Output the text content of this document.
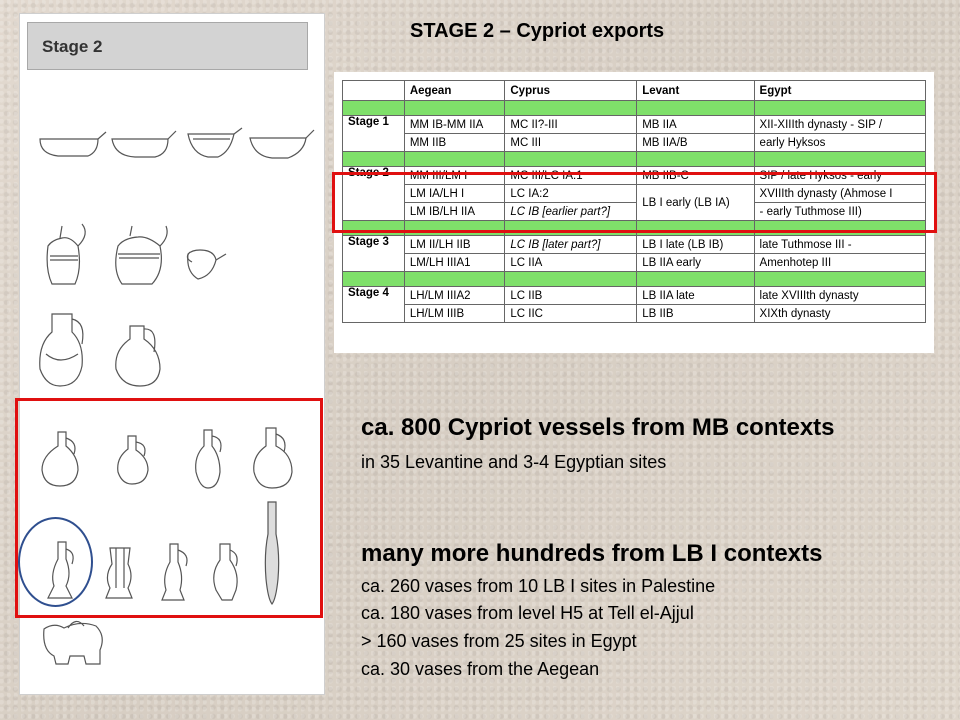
STAGE 2 – Cypriot exports
Stage 2
	Aegean	Cyprus	Levant	Egypt

Stage 1	MM IB-MM IIA	MC II?-III	MB IIA	XII-XIIIth dynasty - SIP /
	MM IIB	MC III	MB IIA/B	early Hyksos

Stage 2	MM III/LM I	MC III/LC IA:1	MB IIB-C	SIP / late Hyksos - early
	LM IA/LH I	LC IA:2	LB I early (LB IA)	XVIIIth dynasty (Ahmose I
	LM IB/LH IIA	LC IB [earlier part?]		- early Tuthmose III)

Stage 3	LM II/LH IIB	LC IB [later part?]	LB I late (LB IB)	late Tuthmose III -
	LM/LH IIIA1	LC IIA	LB IIA early	Amenhotep III

Stage 4	LH/LM IIIA2	LC IIB	LB IIA late	late XVIIIth dynasty
	LH/LM IIIB	LC IIC	LB IIB	XIXth dynasty
ca. 800 Cypriot vessels from MB contexts
in 35 Levantine and 3-4 Egyptian sites
many more hundreds from LB I contexts
ca. 260 vases from 10 LB I sites in Palestine
ca. 180 vases from level H5 at Tell el-Ajjul
> 160 vases from 25 sites in Egypt
ca. 30 vases from the Aegean
